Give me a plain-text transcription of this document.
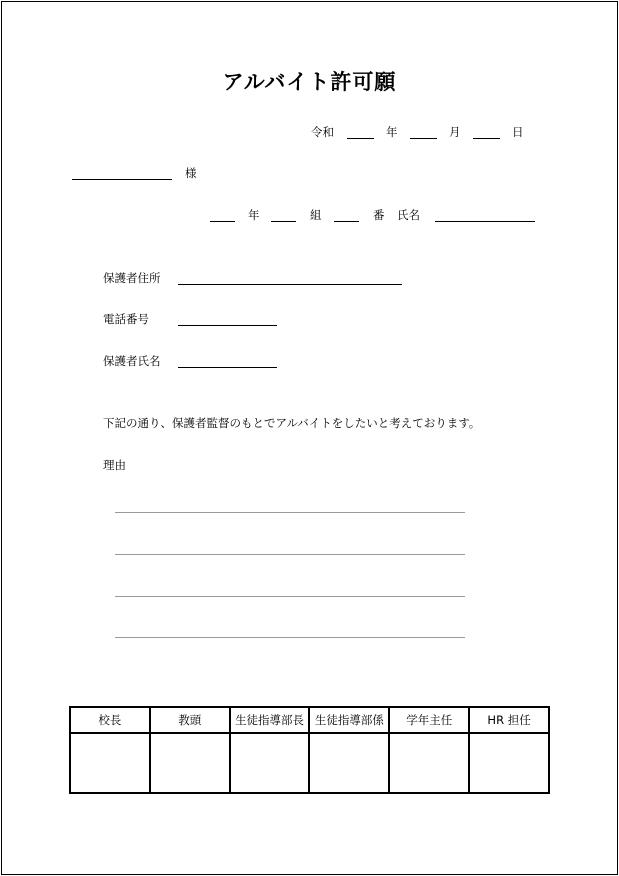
アルバイト許可願
令和	年	月	日
様
年	組	番 氏名
保護者住所
電話番号
保護者氏名
下記の通り、保護者監督のもとでアルバイトをしたいと考えております。
理由
校長	教頭	生徒指導部長	生徒指導部係	学年主任	HR 担任
